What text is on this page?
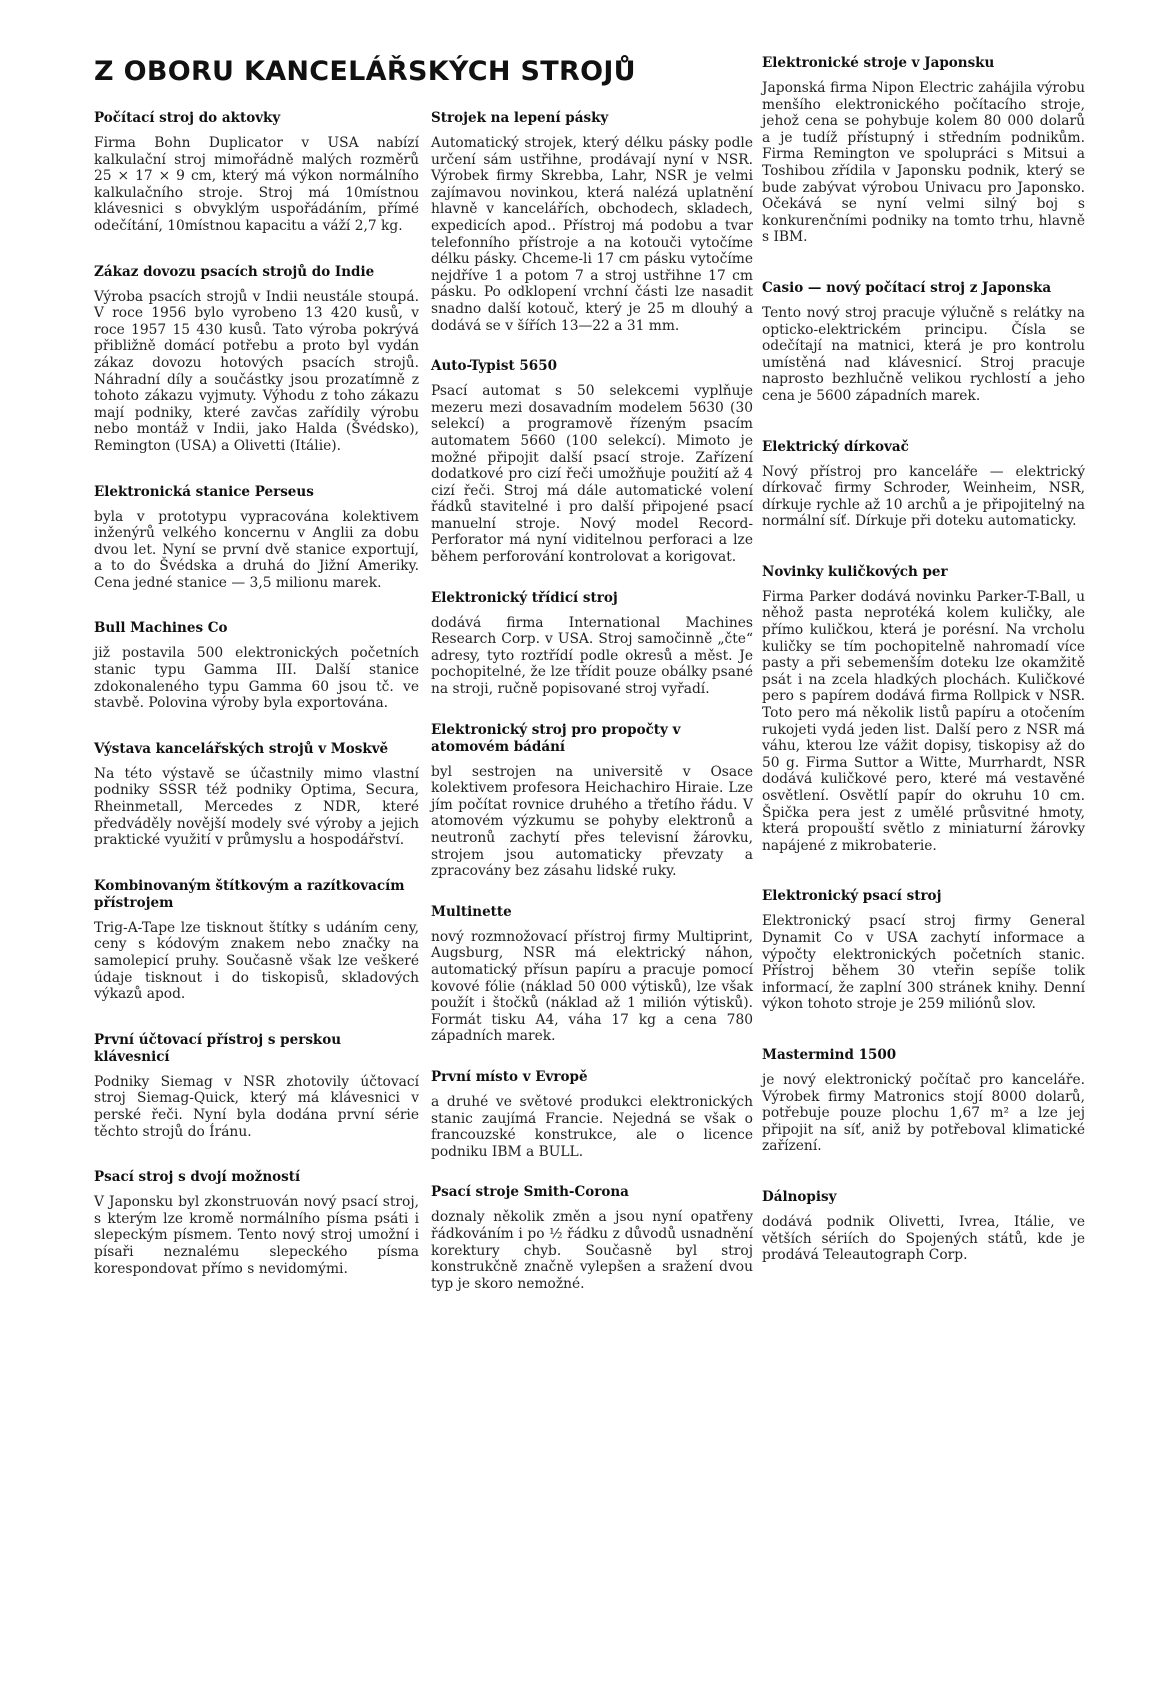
Z OBORU KANCELÁŘSKÝCH STROJŮ
Počítací stroj do aktovky

Firma Bohn Duplicator v USA nabízí kalkulační stroj mimořádně malých rozměrů 25 × 17 × 9 cm, který má výkon normálního kalkulačního stroje. Stroj má 10místnou klávesnici s obvyklým uspořádáním, přímé odečítání, 10místnou kapacitu a váží 2,7 kg.

Zákaz dovozu psacích strojů do Indie

Výroba psacích strojů v Indii neustále stoupá. V roce 1956 bylo vyrobeno 13 420 kusů, v roce 1957 15 430 kusů. Tato výroba pokrývá přibližně domácí potřebu a proto byl vydán zákaz dovozu hotových psacích strojů. Náhradní díly a součástky jsou prozatímně z tohoto zákazu vyjmuty. Výhodu z toho zákazu mají podniky, které zavčas zařídily výrobu nebo montáž v Indii, jako Halda (Švédsko), Remington (USA) a Olivetti (Itálie).

Elektronická stanice Perseus

byla v prototypu vypracována kolektivem inženýrů velkého koncernu v Anglii za dobu dvou let. Nyní se první dvě stanice exportují, a to do Švédska a druhá do Jižní Ameriky. Cena jedné stanice — 3,5 milionu marek.

Bull Machines Co

již postavila 500 elektronických početních stanic typu Gamma III. Další stanice zdokonaleného typu Gamma 60 jsou tč. ve stavbě. Polovina výroby byla exportována.

Výstava kancelářských strojů v Moskvě

Na této výstavě se účastnily mimo vlastní podniky SSSR též podniky Optima, Secura, Rheinmetall, Mercedes z NDR, které předváděly novější modely své výroby a jejich praktické využití v průmyslu a hospodářství.

Kombinovaným štítkovým a razítkovacím přístrojem

Trig-A-Tape lze tisknout štítky s udáním ceny, ceny s kódovým znakem nebo značky na samolepicí pruhy. Současně však lze veškeré údaje tisknout i do tiskopisů, skladových výkazů apod.

První účtovací přístroj s perskou klávesnicí

Podniky Siemag v NSR zhotovily účtovací stroj Siemag-Quick, který má klávesnici v perské řeči. Nyní byla dodána první série těchto strojů do Íránu.

Psací stroj s dvojí možností

V Japonsku byl zkonstruován nový psací stroj, s kterým lze kromě normálního písma psáti i slepeckým písmem. Tento nový stroj umožní i písaři neznalému slepeckého písma korespondovat přímo s nevidomými.

Strojek na lepení pásky

Automatický strojek, který délku pásky podle určení sám ustřihne, prodávají nyní v NSR. Výrobek firmy Skrebba, Lahr, NSR je velmi zajímavou novinkou, která nalézá uplatnění hlavně v kancelářích, obchodech, skladech, expedicích apod.. Přístroj má podobu a tvar telefonního přístroje a na kotouči vytočíme délku pásky. Chceme-li 17 cm pásku vytočíme nejdříve 1 a potom 7 a stroj ustřihne 17 cm pásku. Po odklopení vrchní části lze nasadit snadno další kotouč, který je 25 m dlouhý a dodává se v šířích 13—22 a 31 mm.

Auto-Typist 5650

Psací automat s 50 selekcemi vyplňuje mezeru mezi dosavadním modelem 5630 (30 selekcí) a programově řízeným psacím automatem 5660 (100 selekcí). Mimoto je možné připojit další psací stroje. Zařízení dodatkové pro cizí řeči umožňuje použití až 4 cizí řeči. Stroj má dále automatické volení řádků stavitelné i pro další připojené psací manuelní stroje. Nový model Record-Perforator má nyní viditelnou perforaci a lze během perforování kontrolovat a korigovat.

Elektronický třídicí stroj

dodává firma International Machines Research Corp. v USA. Stroj samočinně „čte“ adresy, tyto roztřídí podle okresů a měst. Je pochopitelné, že lze třídit pouze obálky psané na stroji, ručně popisované stroj vyřadí.

Elektronický stroj pro propočty v atomovém bádání

byl sestrojen na universitě v Osace kolektivem profesora Heichachiro Hiraie. Lze jím počítat rovnice druhého a třetího řádu. V atomovém výzkumu se pohyby elektronů a neutronů zachytí přes televisní žárovku, strojem jsou automaticky převzaty a zpracovány bez zásahu lidské ruky.

Multinette

nový rozmnožovací přístroj firmy Multiprint, Augsburg, NSR má elektrický náhon, automatický přísun papíru a pracuje pomocí kovové fólie (náklad 50 000 výtisků), lze však použít i štočků (náklad až 1 milión výtisků). Formát tisku A4, váha 17 kg a cena 780 západních marek.

První místo v Evropě

a druhé ve světové produkci elektronických stanic zaujímá Francie. Nejedná se však o francouzské konstrukce, ale o licence podniku IBM a BULL.

Psací stroje Smith-Corona

doznaly několik změn a jsou nyní opatřeny řádkováním i po ½ řádku z důvodů usnadnění korektury chyb. Současně byl stroj konstrukčně značně vylepšen a sražení dvou typ je skoro nemožné.

Elektronické stroje v Japonsku

Japonská firma Nipon Electric zahájila výrobu menšího elektronického počítacího stroje, jehož cena se pohybuje kolem 80 000 dolarů a je tudíž přístupný i středním podnikům. Firma Remington ve spolupráci s Mitsui a Toshibou zřídila v Japonsku podnik, který se bude zabývat výrobou Univacu pro Japonsko. Očekává se nyní velmi silný boj s konkurenčními podniky na tomto trhu, hlavně s IBM.

Casio — nový počítací stroj z Japonska

Tento nový stroj pracuje výlučně s relátky na opticko-elektrickém principu. Čísla se odečítají na matnici, která je pro kontrolu umístěná nad klávesnicí. Stroj pracuje naprosto bezhlučně velikou rychlostí a jeho cena je 5600 západních marek.

Elektrický dírkovač

Nový přístroj pro kanceláře — elektrický dírkovač firmy Schroder, Weinheim, NSR, dírkuje rychle až 10 archů a je připojitelný na normální síť. Dírkuje při doteku automaticky.

Novinky kuličkových per

Firma Parker dodává novinku Parker-T-Ball, u něhož pasta neprotéká kolem kuličky, ale přímo kuličkou, která je porésní. Na vrcholu kuličky se tím pochopitelně nahromadí více pasty a při sebemenším doteku lze okamžitě psát i na zcela hladkých plochách. Kuličkové pero s papírem dodává firma Rollpick v NSR. Toto pero má několik listů papíru a otočením rukojeti vydá jeden list. Další pero z NSR má váhu, kterou lze vážit dopisy, tiskopisy až do 50 g. Firma Suttor a Witte, Murrhardt, NSR dodává kuličkové pero, které má vestavěné osvětlení. Osvětlí papír do okruhu 10 cm. Špička pera jest z umělé průsvitné hmoty, která propouští světlo z miniaturní žárovky napájené z mikrobaterie.

Elektronický psací stroj

Elektronický psací stroj firmy General Dynamit Co v USA zachytí informace a výpočty elektronických početních stanic. Přístroj během 30 vteřin sepíše tolik informací, že zaplní 300 stránek knihy. Denní výkon tohoto stroje je 259 miliónů slov.

Mastermind 1500

je nový elektronický počítač pro kanceláře. Výrobek firmy Matronics stojí 8000 dolarů, potřebuje pouze plochu 1,67 m² a lze jej připojit na síť, aniž by potřeboval klimatické zařízení.

Dálnopisy

dodává podnik Olivetti, Ivrea, Itálie, ve větších sériích do Spojených států, kde je prodává Teleautograph Corp.
